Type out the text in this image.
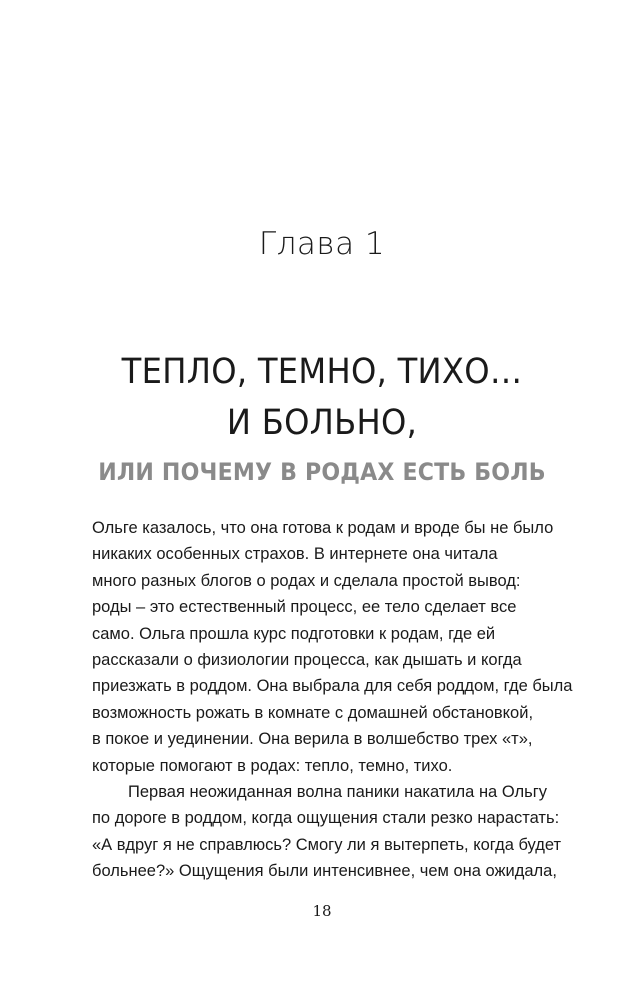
Глава 1
ТЕПЛО, ТЕМНО, ТИХО…
И БОЛЬНО,
ИЛИ ПОЧЕМУ В РОДАХ ЕСТЬ БОЛЬ
Ольге казалось, что она готова к родам и вроде бы не было
никаких особенных страхов. В интернете она читала
много разных блогов о родах и сделала простой вывод:
роды – это естественный процесс, ее тело сделает все
само. Ольга прошла курс подготовки к родам, где ей
рассказали о физиологии процесса, как дышать и когда
приезжать в роддом. Она выбрала для себя роддом, где была
возможность рожать в комнате с домашней обстановкой,
в покое и уединении. Она верила в волшебство трех «т»,
которые помогают в родах: тепло, темно, тихо.
Первая неожиданная волна паники накатила на Ольгу
по дороге в роддом, когда ощущения стали резко нарастать:
«А вдруг я не справлюсь? Смогу ли я вытерпеть, когда будет
больнее?» Ощущения были интенсивнее, чем она ожидала,
18
